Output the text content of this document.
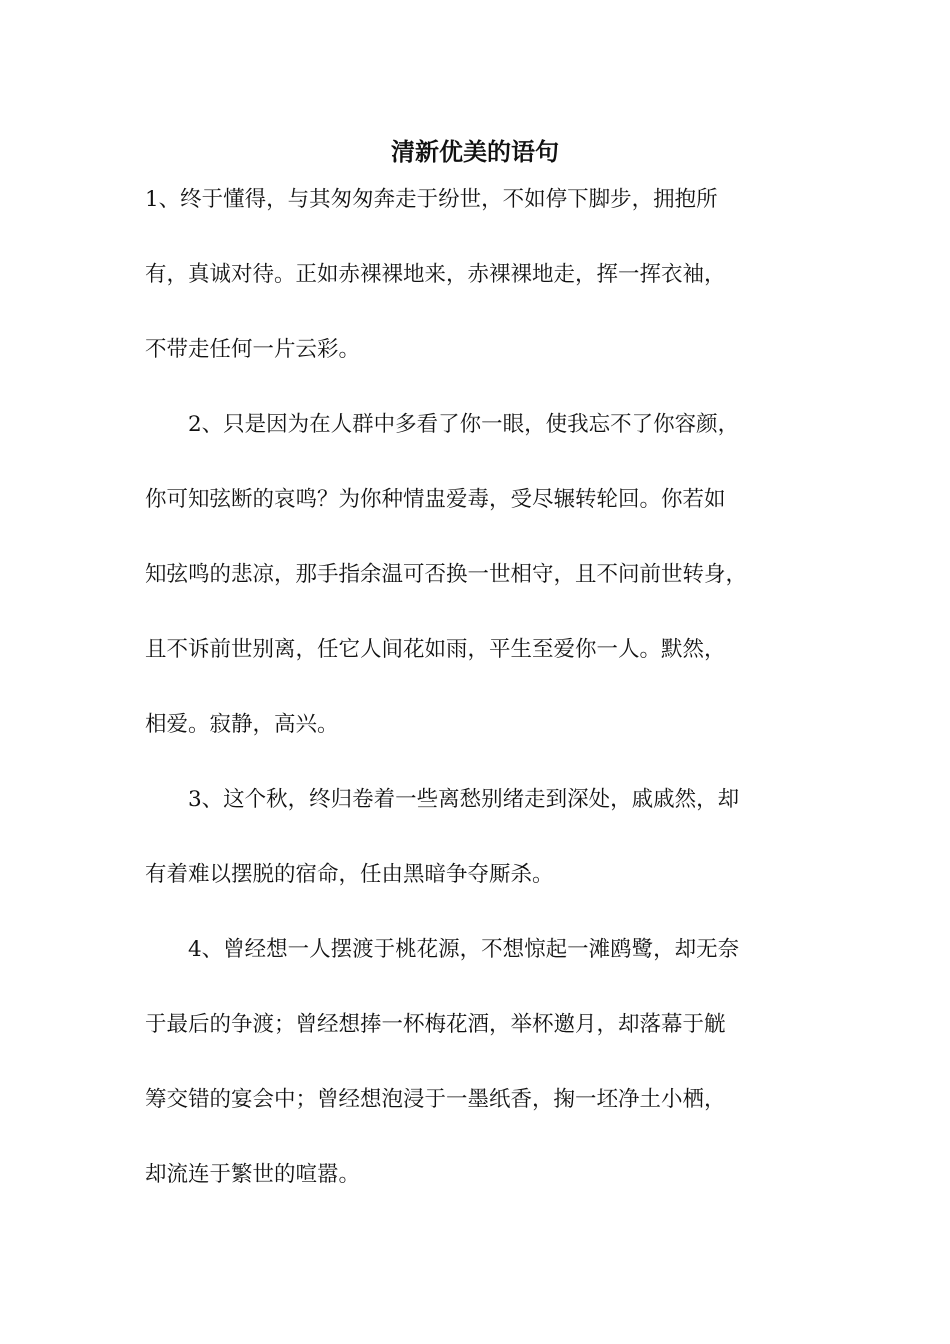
清新优美的语句
1、终于懂得，与其匆匆奔走于纷世，不如停下脚步，拥抱所
有，真诚对待。正如赤裸裸地来，赤裸裸地走，挥一挥衣袖，
不带走任何一片云彩。
　　2、只是因为在人群中多看了你一眼，使我忘不了你容颜，
你可知弦断的哀鸣？为你种情盅爱毒，受尽辗转轮回。你若如
知弦鸣的悲凉，那手指余温可否换一世相守，且不问前世转身，
且不诉前世别离，任它人间花如雨，平生至爱你一人。默然，
相爱。寂静，高兴。
　　3、这个秋，终归卷着一些离愁别绪走到深处，戚戚然，却
有着难以摆脱的宿命，任由黑暗争夺厮杀。
　　4、曾经想一人摆渡于桃花源，不想惊起一滩鸥鹭，却无奈
于最后的争渡；曾经想捧一杯梅花酒，举杯邀月，却落幕于觥
筹交错的宴会中；曾经想泡浸于一墨纸香，掬一坯净土小栖，
却流连于繁世的喧嚣。
